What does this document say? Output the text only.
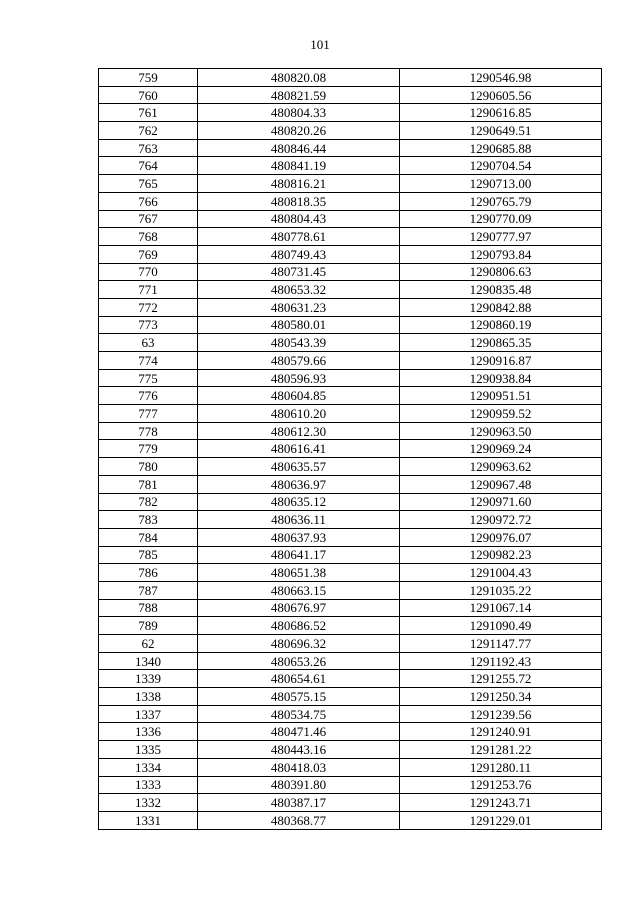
101
759	480820.08	1290546.98
760	480821.59	1290605.56
761	480804.33	1290616.85
762	480820.26	1290649.51
763	480846.44	1290685.88
764	480841.19	1290704.54
765	480816.21	1290713.00
766	480818.35	1290765.79
767	480804.43	1290770.09
768	480778.61	1290777.97
769	480749.43	1290793.84
770	480731.45	1290806.63
771	480653.32	1290835.48
772	480631.23	1290842.88
773	480580.01	1290860.19
63	480543.39	1290865.35
774	480579.66	1290916.87
775	480596.93	1290938.84
776	480604.85	1290951.51
777	480610.20	1290959.52
778	480612.30	1290963.50
779	480616.41	1290969.24
780	480635.57	1290963.62
781	480636.97	1290967.48
782	480635.12	1290971.60
783	480636.11	1290972.72
784	480637.93	1290976.07
785	480641.17	1290982.23
786	480651.38	1291004.43
787	480663.15	1291035.22
788	480676.97	1291067.14
789	480686.52	1291090.49
62	480696.32	1291147.77
1340	480653.26	1291192.43
1339	480654.61	1291255.72
1338	480575.15	1291250.34
1337	480534.75	1291239.56
1336	480471.46	1291240.91
1335	480443.16	1291281.22
1334	480418.03	1291280.11
1333	480391.80	1291253.76
1332	480387.17	1291243.71
1331	480368.77	1291229.01
